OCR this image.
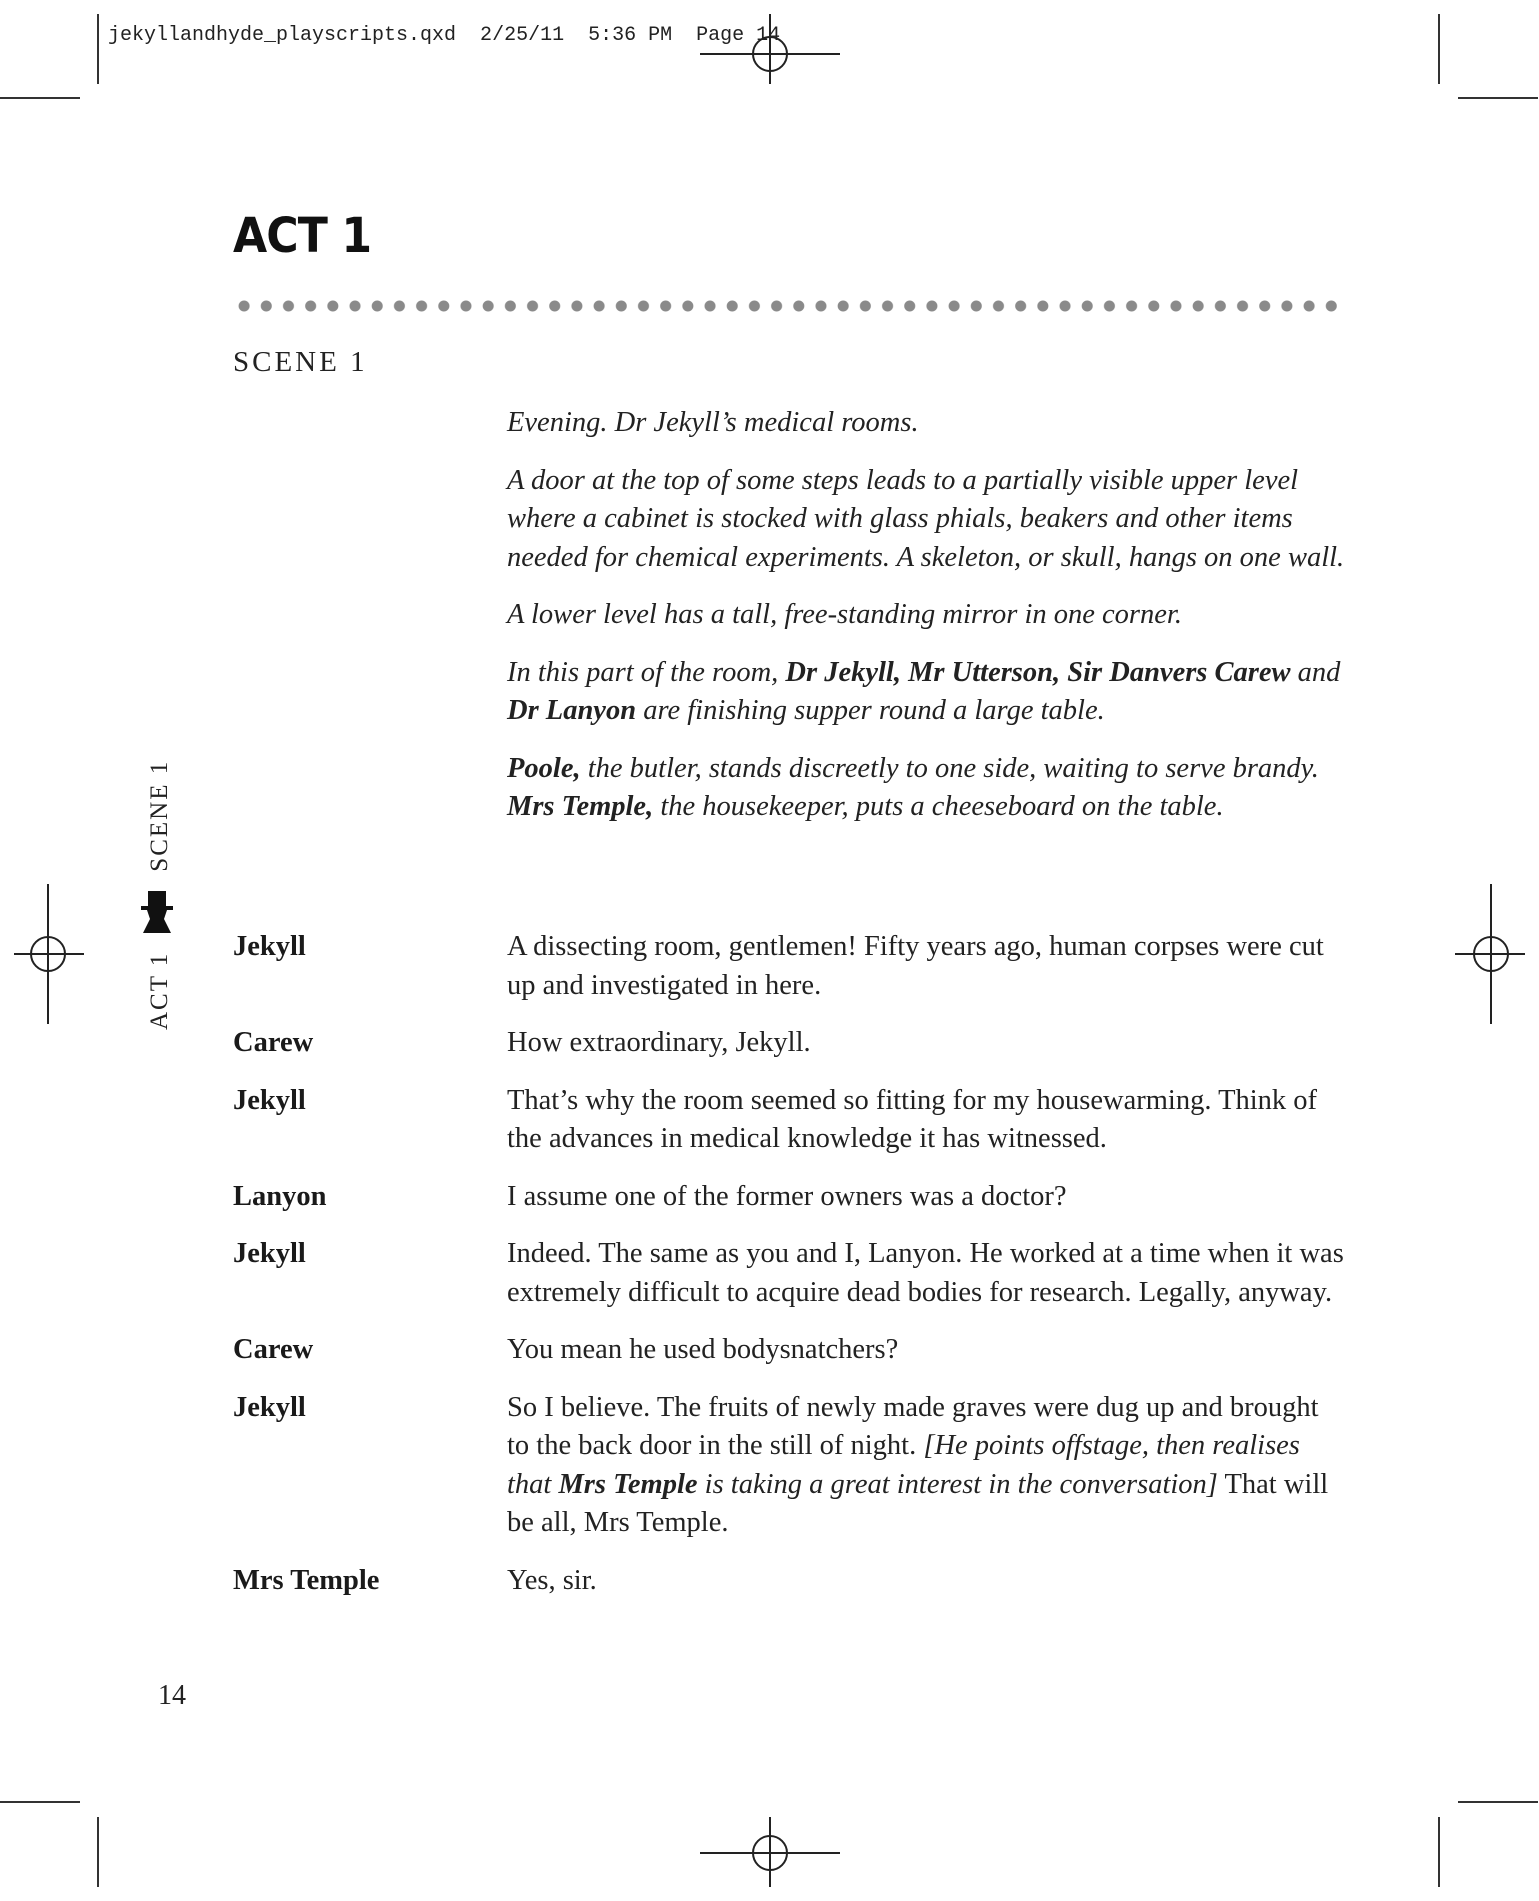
jekyllandhyde_playscripts.qxd  2/25/11  5:36 PM  Page 14
ACT 1
SCENE 1
ACT 1
SCENE 1

Evening. Dr Jekyll’s medical rooms.

A door at the top of some steps leads to a partially visible upper level where a cabinet is stocked with glass phials, beakers and other items needed for chemical experiments. A skeleton, or skull, hangs on one wall.

A lower level has a tall, free-standing mirror in one corner.

In this part of the room, Dr Jekyll, Mr Utterson, Sir Danvers Carew and Dr Lanyon are finishing supper round a large table.

Poole, the butler, stands discreetly to one side, waiting to serve brandy. Mrs Temple, the housekeeper, puts a cheeseboard on the table.

Jekyll	A dissecting room, gentlemen! Fifty years ago, human corpses were cut up and investigated in here.
Carew	How extraordinary, Jekyll.
Jekyll	That’s why the room seemed so fitting for my housewarming. Think of the advances in medical knowledge it has witnessed.
Lanyon	I assume one of the former owners was a doctor?
Jekyll	Indeed. The same as you and I, Lanyon. He worked at a time when it was extremely difficult to acquire dead bodies for research. Legally, anyway.
Carew	You mean he used bodysnatchers?
Jekyll	So I believe. The fruits of newly made graves were dug up and brought to the back door in the still of night. [He points offstage, then realises that Mrs Temple is taking a great interest in the conversation] That will be all, Mrs Temple.
Mrs Temple	Yes, sir.
14
